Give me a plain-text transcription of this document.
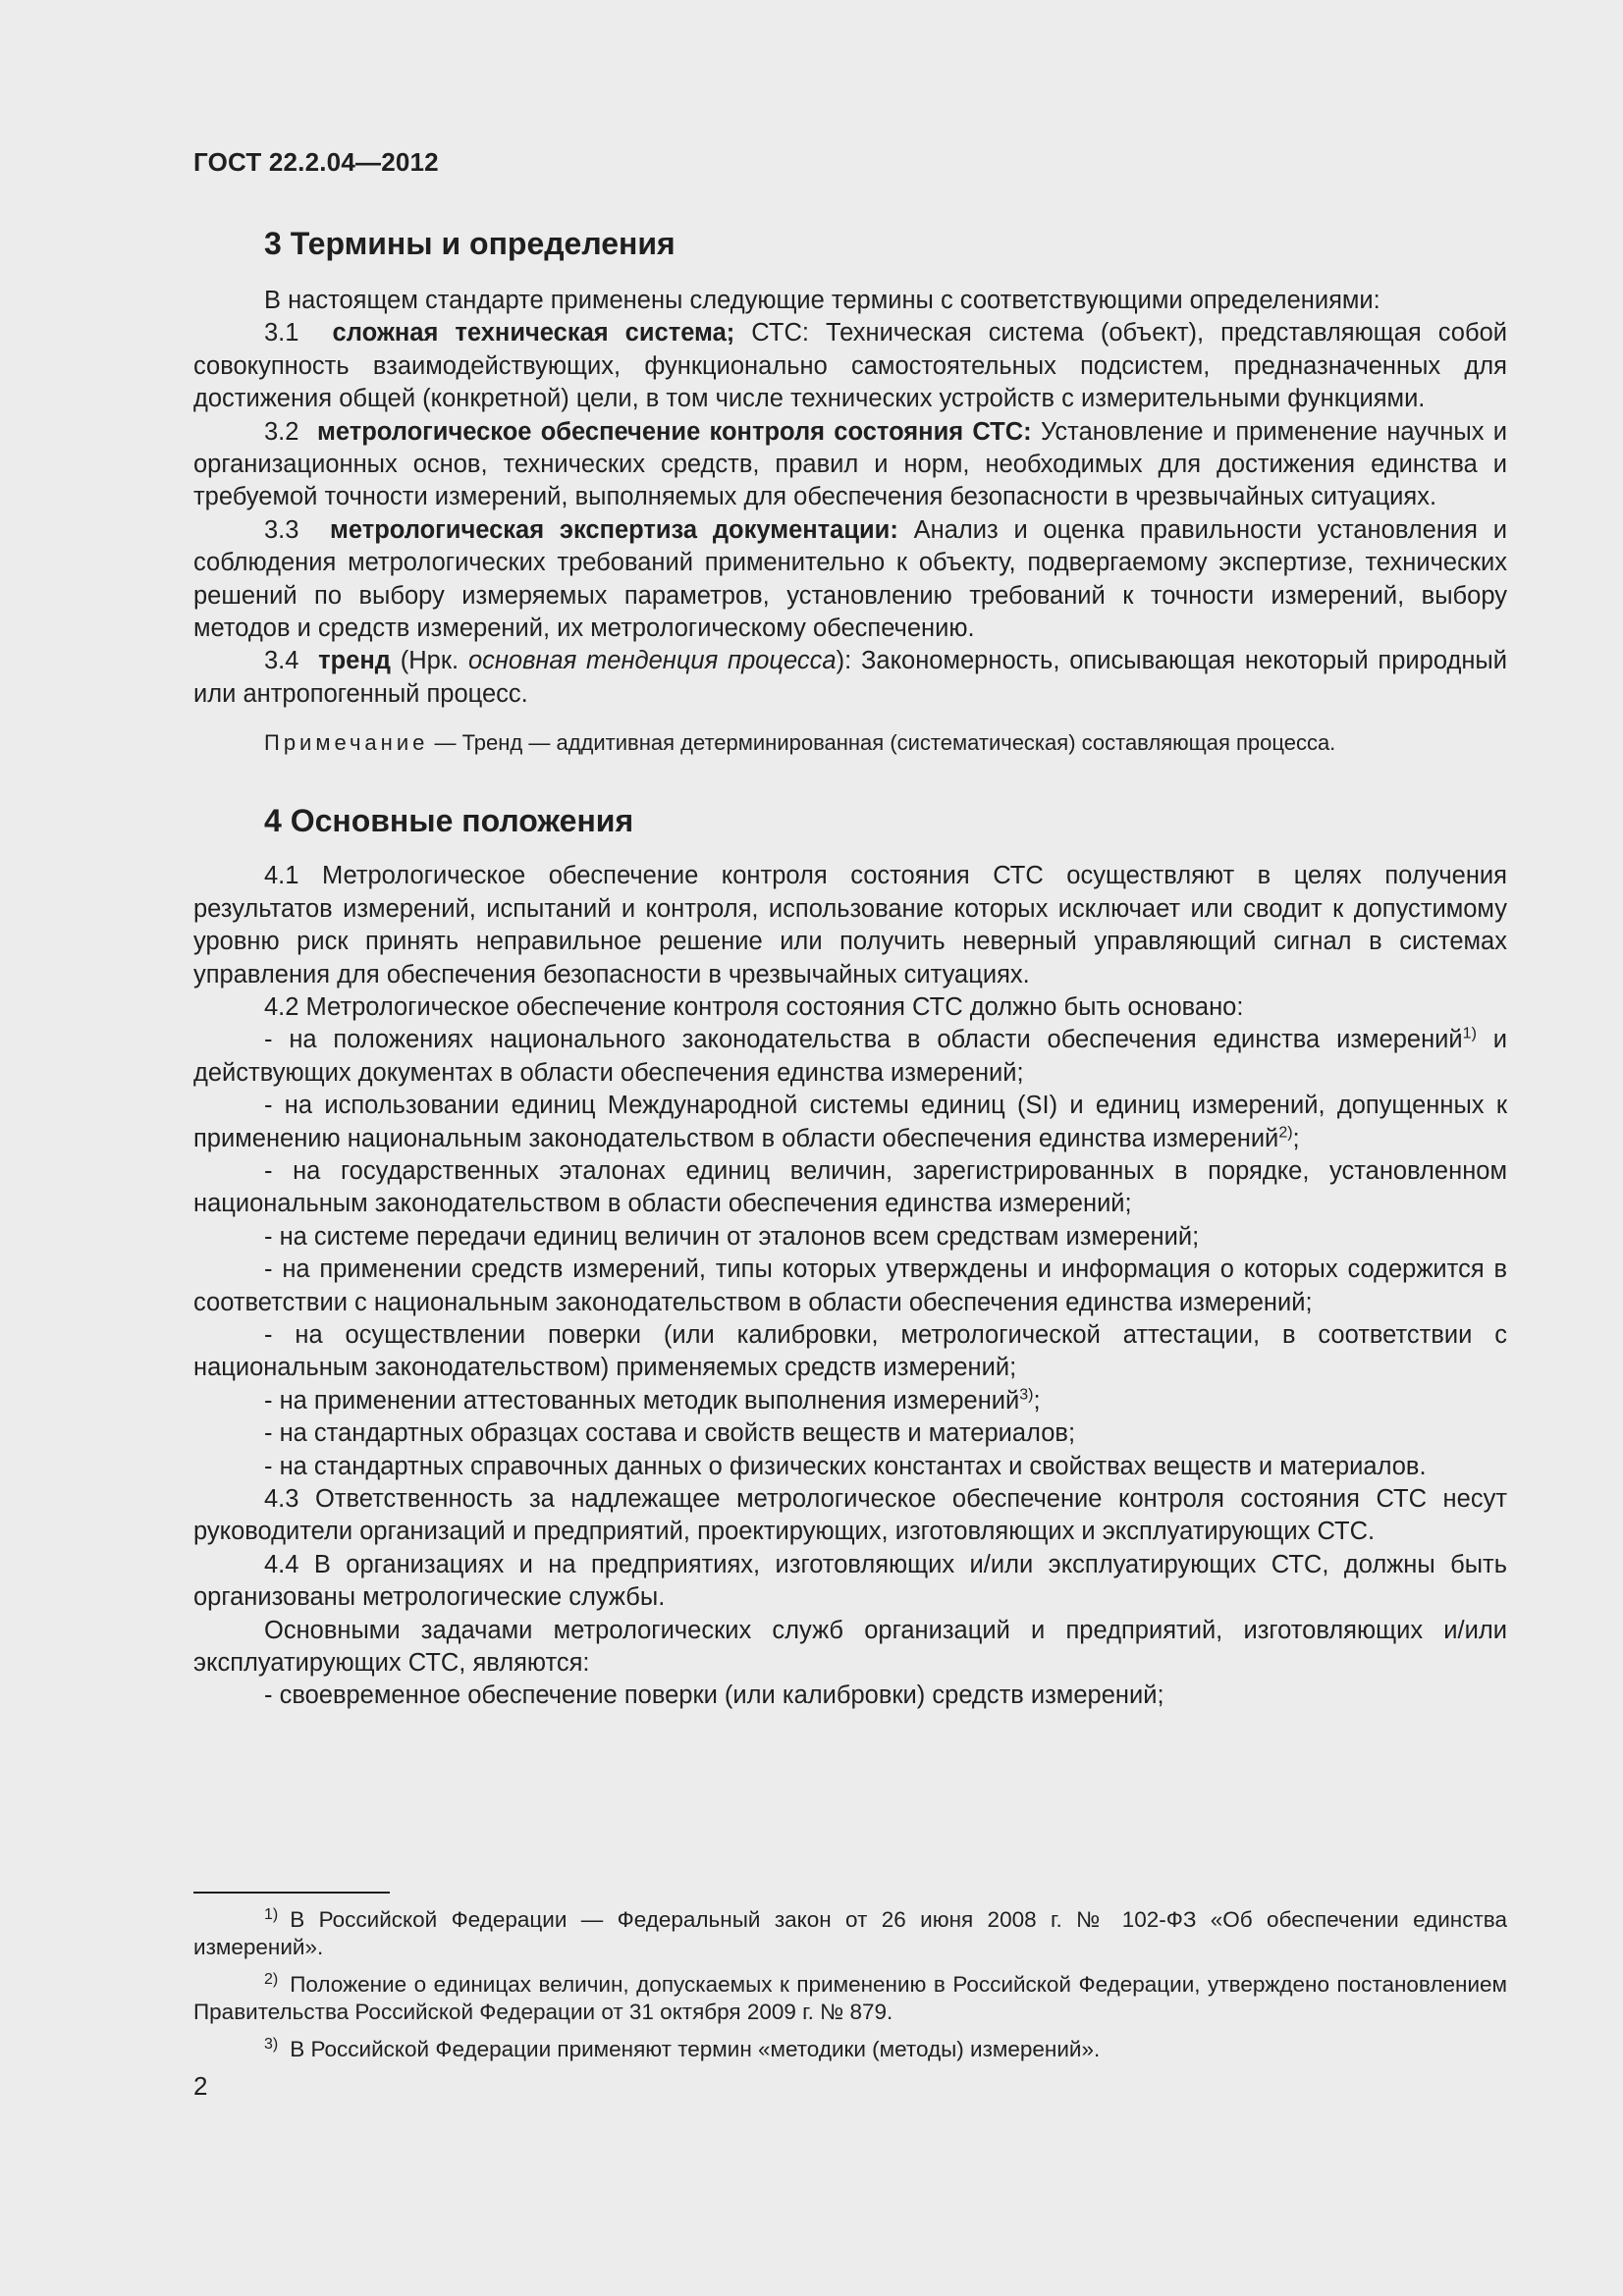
ГОСТ 22.2.04—2012
3 Термины и определения

В настоящем стандарте применены следующие термины с соответствующими определениями:

3.1 сложная техническая система; СТС: Техническая система (объект), представляющая собой совокупность взаимодействующих, функционально самостоятельных подсистем, предназначенных для достижения общей (конкретной) цели, в том числе технических устройств с измерительными функциями.

3.2 метрологическое обеспечение контроля состояния СТС: Установление и применение научных и организационных основ, технических средств, правил и норм, необходимых для достижения единства и требуемой точности измерений, выполняемых для обеспечения безопасности в чрезвычайных ситуациях.

3.3 метрологическая экспертиза документации: Анализ и оценка правильности установления и соблюдения метрологических требований применительно к объекту, подвергаемому экспертизе, технических решений по выбору измеряемых параметров, установлению требований к точности измерений, выбору методов и средств измерений, их метрологическому обеспечению.

3.4 тренд (Нрк. основная тенденция процесса): Закономерность, описывающая некоторый природный или антропогенный процесс.

Примечание — Тренд — аддитивная детерминированная (систематическая) составляющая процесса.

4 Основные положения

4.1 Метрологическое обеспечение контроля состояния СТС осуществляют в целях получения результатов измерений, испытаний и контроля, использование которых исключает или сводит к допустимому уровню риск принять неправильное решение или получить неверный управляющий сигнал в системах управления для обеспечения безопасности в чрезвычайных ситуациях.

4.2 Метрологическое обеспечение контроля состояния СТС должно быть основано:

- на положениях национального законодательства в области обеспечения единства измерений$^{1)}$ и действующих документах в области обеспечения единства измерений;

- на использовании единиц Международной системы единиц (SI) и единиц измерений, допущенных к применению национальным законодательством в области обеспечения единства измерений$^{2)}$;

- на государственных эталонах единиц величин, зарегистрированных в порядке, установленном национальным законодательством в области обеспечения единства измерений;

- на системе передачи единиц величин от эталонов всем средствам измерений;

- на применении средств измерений, типы которых утверждены и информация о которых содержится в соответствии с национальным законодательством в области обеспечения единства измерений;

- на осуществлении поверки (или калибровки, метрологической аттестации, в соответствии с национальным законодательством) применяемых средств измерений;

- на применении аттестованных методик выполнения измерений$^{3)}$;

- на стандартных образцах состава и свойств веществ и материалов;

- на стандартных справочных данных о физических константах и свойствах веществ и материалов.

4.3 Ответственность за надлежащее метрологическое обеспечение контроля состояния СТС несут руководители организаций и предприятий, проектирующих, изготовляющих и эксплуатирующих СТС.

4.4 В организациях и на предприятиях, изготовляющих и/или эксплуатирующих СТС, должны быть организованы метрологические службы.

Основными задачами метрологических служб организаций и предприятий, изготовляющих и/или эксплуатирующих СТС, являются:

- своевременное обеспечение поверки (или калибровки) средств измерений;

$^{1)}$ В Российской Федерации — Федеральный закон от 26 июня 2008 г. № 102-ФЗ «Об обеспечении единства измерений».

$^{2)}$ Положение о единицах величин, допускаемых к применению в Российской Федерации, утверждено постановлением Правительства Российской Федерации от 31 октября 2009 г. № 879.

$^{3)}$ В Российской Федерации применяют термин «методики (методы) измерений».

2
